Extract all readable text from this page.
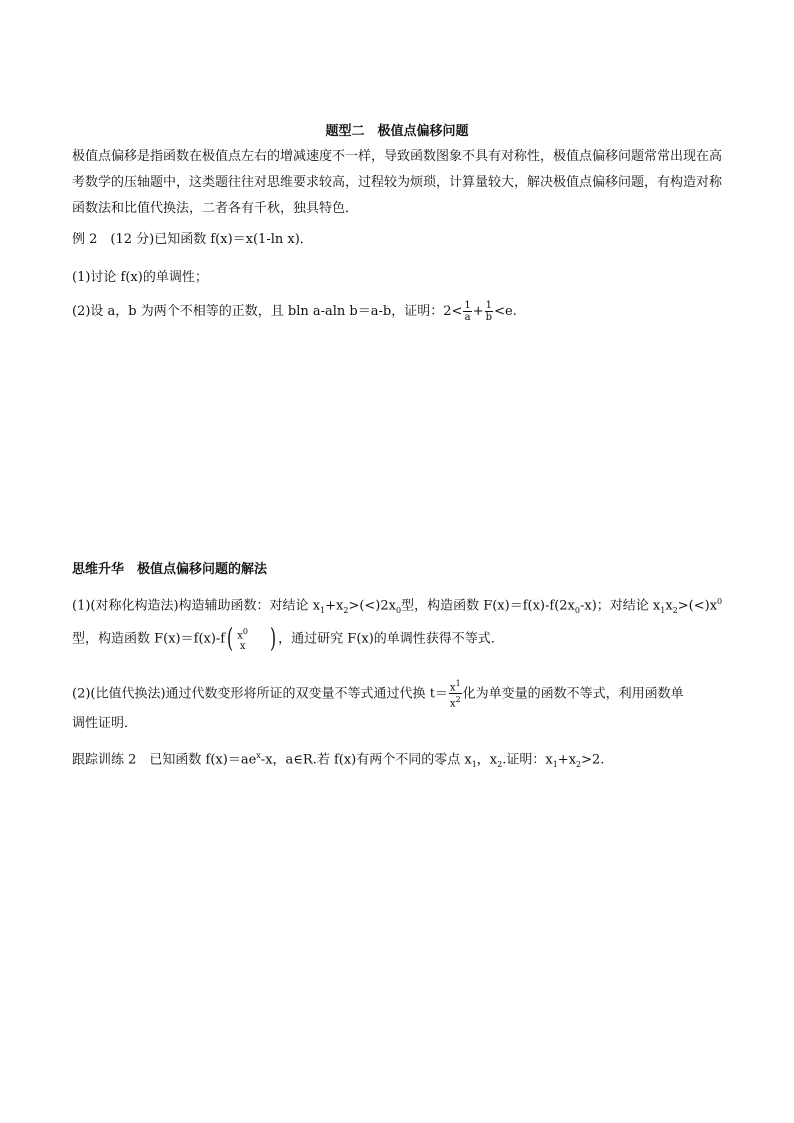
题型二　极值点偏移问题
极值点偏移是指函数在极值点左右的增减速度不一样，导致函数图象不具有对称性，极值点偏移问题常常出现在高考数学的压轴题中，这类题往往对思维要求较高，过程较为烦琐，计算量较大，解决极值点偏移问题，有构造对称函数法和比值代换法，二者各有千秋，独具特色．
例 2　(12 分)已知函数 f(x)＝x(1-ln x)．
(1)讨论 f(x)的单调性；
(2)设 a，b 为两个不相等的正数，且 bln a-aln b＝a-b，证明：$2< \frac{1}{a} + \frac{1}{b} <e$.
思维升华　极值点偏移问题的解法
(1)(对称化构造法)构造辅助函数：对结论 $x_1+x_2>(<)2x_0$型，构造函数 $F(x)=f(x)-f(2x_0-x)$；对结论 $x_1x_2>(<)x^0$
型，构造函数 F(x)＝f(x)-f( $x^0$
x ) ，通过研究 F(x)的单调性获得不等式．
(2)(比值代换法)通过代数变形将所证的双变量不等式通过代换 $t= \frac{x^1}{x^2}$ 化为单变量的函数不等式，利用函数单
调性证明．
跟踪训练 2　已知函数 $f(x)=ae^x-x$，a∈R.若 f(x)有两个不同的零点 $x_1$，$x_2$.证明：$x_1+x_2>2$.
